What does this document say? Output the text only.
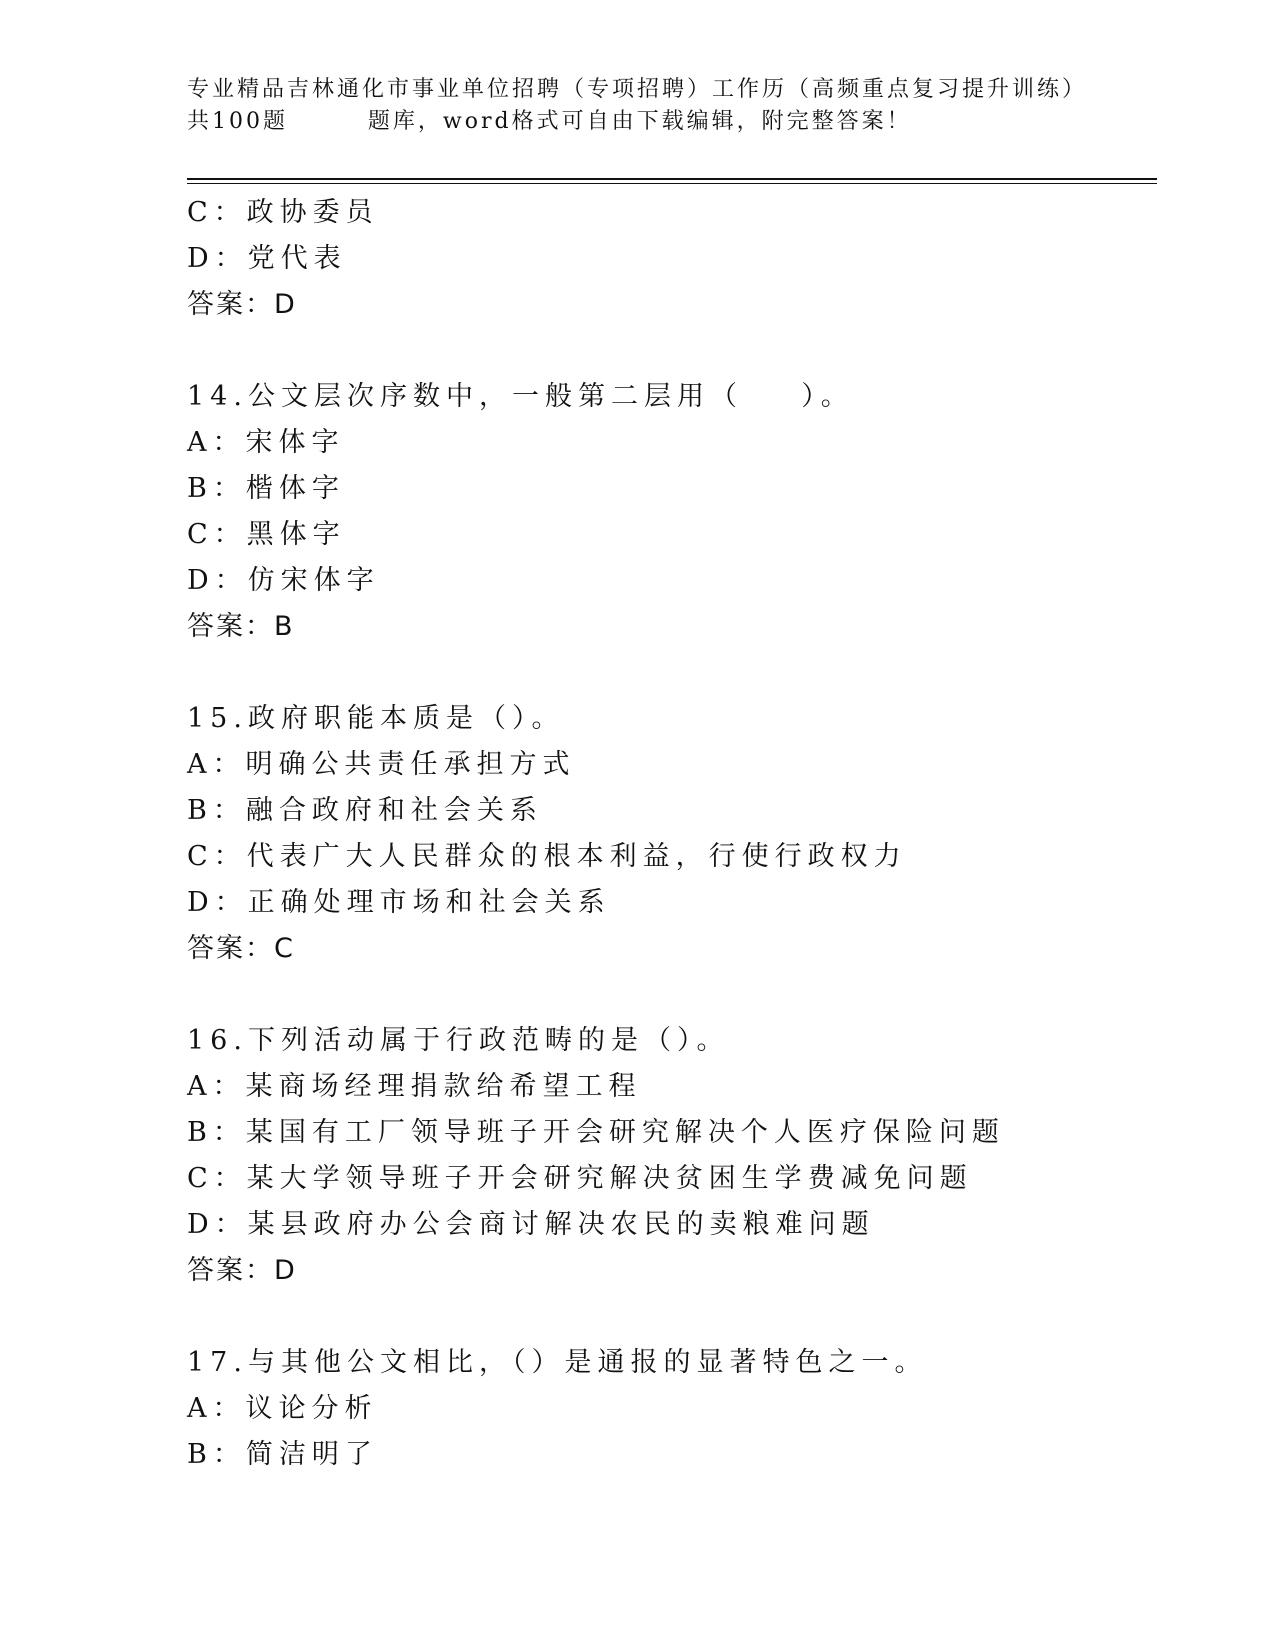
专业精品吉林通化市事业单位招聘（专项招聘）工作历（高频重点复习提升训练）
共100题        题库，word格式可自由下载编辑，附完整答案！
C：政协委员
D：党代表
答案：D
14.公文层次序数中，一般第二层用（    ）。
A：宋体字
B：楷体字
C：黑体字
D：仿宋体字
答案：B
15.政府职能本质是（）。
A：明确公共责任承担方式
B：融合政府和社会关系
C：代表广大人民群众的根本利益，行使行政权力
D：正确处理市场和社会关系
答案：C
16.下列活动属于行政范畴的是（）。
A：某商场经理捐款给希望工程
B：某国有工厂领导班子开会研究解决个人医疗保险问题
C：某大学领导班子开会研究解决贫困生学费减免问题
D：某县政府办公会商讨解决农民的卖粮难问题
答案：D
17.与其他公文相比，（）是通报的显著特色之一。
A：议论分析
B：简洁明了
